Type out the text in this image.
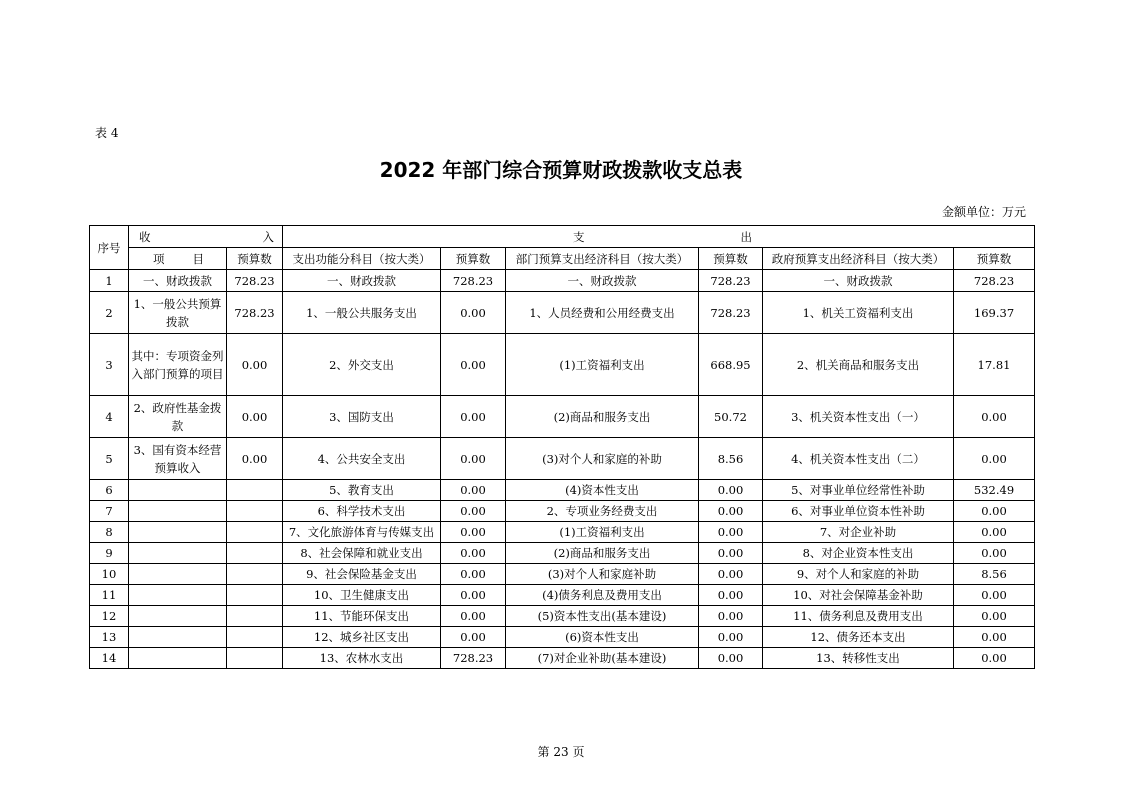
表 4
2022 年部门综合预算财政拨款收支总表
金额单位：万元
序号	收 入		支 出					

	项 目	预算数	支出功能分科目（按大类）	预算数	部门预算支出经济科目（按大类）	预算数	政府预算支出经济科目（按大类）	预算数
1	一、财政拨款	728.23	一、财政拨款	728.23	一、财政拨款	728.23	一、财政拨款	728.23
2	1、一般公共预算拨款	728.23	1、一般公共服务支出	0.00	1、人员经费和公用经费支出	728.23	1、机关工资福利支出	169.37
3	其中：专项资金列入部门预算的项目	0.00	2、外交支出	0.00	(1)工资福利支出	668.95	2、机关商品和服务支出	17.81
4	2、政府性基金拨款	0.00	3、国防支出	0.00	(2)商品和服务支出	50.72	3、机关资本性支出（一）	0.00
5	3、国有资本经营预算收入	0.00	4、公共安全支出	0.00	(3)对个人和家庭的补助	8.56	4、机关资本性支出（二）	0.00
6			5、教育支出	0.00	(4)资本性支出	0.00	5、对事业单位经常性补助	532.49
7			6、科学技术支出	0.00	2、专项业务经费支出	0.00	6、对事业单位资本性补助	0.00
8			7、文化旅游体育与传媒支出	0.00	(1)工资福利支出	0.00	7、对企业补助	0.00
9			8、社会保障和就业支出	0.00	(2)商品和服务支出	0.00	8、对企业资本性支出	0.00
10			9、社会保险基金支出	0.00	(3)对个人和家庭补助	0.00	9、对个人和家庭的补助	8.56
11			10、卫生健康支出	0.00	(4)债务利息及费用支出	0.00	10、对社会保障基金补助	0.00
12			11、节能环保支出	0.00	(5)资本性支出(基本建设)	0.00	11、债务利息及费用支出	0.00
13			12、城乡社区支出	0.00	(6)资本性支出	0.00	12、债务还本支出	0.00
14			13、农林水支出	728.23	(7)对企业补助(基本建设)	0.00	13、转移性支出	0.00
第 23 页
